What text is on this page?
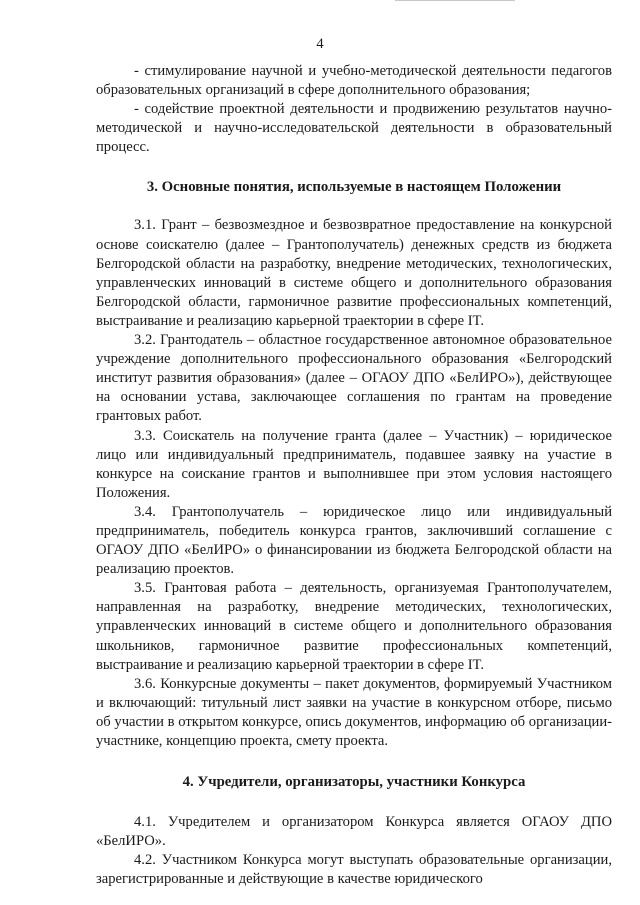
4

- стимулирование научной и учебно-методической деятельности педагогов образовательных организаций в сфере дополнительного образования;

- содействие проектной деятельности и продвижению результатов научно-методической и научно-исследовательской деятельности в образовательный процесс.

3. Основные понятия, используемые в настоящем Положении

3.1. Грант – безвозмездное и безвозвратное предоставление на конкурсной основе соискателю (далее – Грантополучатель) денежных средств из бюджета Белгородской области на разработку, внедрение методических, технологических, управленческих инноваций в системе общего и дополнительного образования Белгородской области, гармоничное развитие профессиональных компетенций, выстраивание и реализацию карьерной траектории в сфере IT.

3.2. Грантодатель – областное государственное автономное образовательное учреждение дополнительного профессионального образования «Белгородский институт развития образования» (далее – ОГАОУ ДПО «БелИРО»), действующее на основании устава, заключающее соглашения по грантам на проведение грантовых работ.

3.3. Соискатель на получение гранта (далее – Участник) – юридическое лицо или индивидуальный предприниматель, подавшее заявку на участие в конкурсе на соискание грантов и выполнившее при этом условия настоящего Положения.

3.4. Грантополучатель – юридическое лицо или индивидуальный предприниматель, победитель конкурса грантов, заключивший соглашение с ОГАОУ ДПО «БелИРО» о финансировании из бюджета Белгородской области на реализацию проектов.

3.5. Грантовая работа – деятельность, организуемая Грантополучателем, направленная на разработку, внедрение методических, технологических, управленческих инноваций в системе общего и дополнительного образования школьников, гармоничное развитие профессиональных компетенций, выстраивание и реализацию карьерной траектории в сфере IT.

3.6. Конкурсные документы – пакет документов, формируемый Участником и включающий: титульный лист заявки на участие в конкурсном отборе, письмо об участии в открытом конкурсе, опись документов, информацию об организации-участнике, концепцию проекта, смету проекта.

4. Учредители, организаторы, участники Конкурса

4.1. Учредителем и организатором Конкурса является ОГАОУ ДПО «БелИРО».

4.2. Участником Конкурса могут выступать образовательные организации, зарегистрированные и действующие в качестве юридического
